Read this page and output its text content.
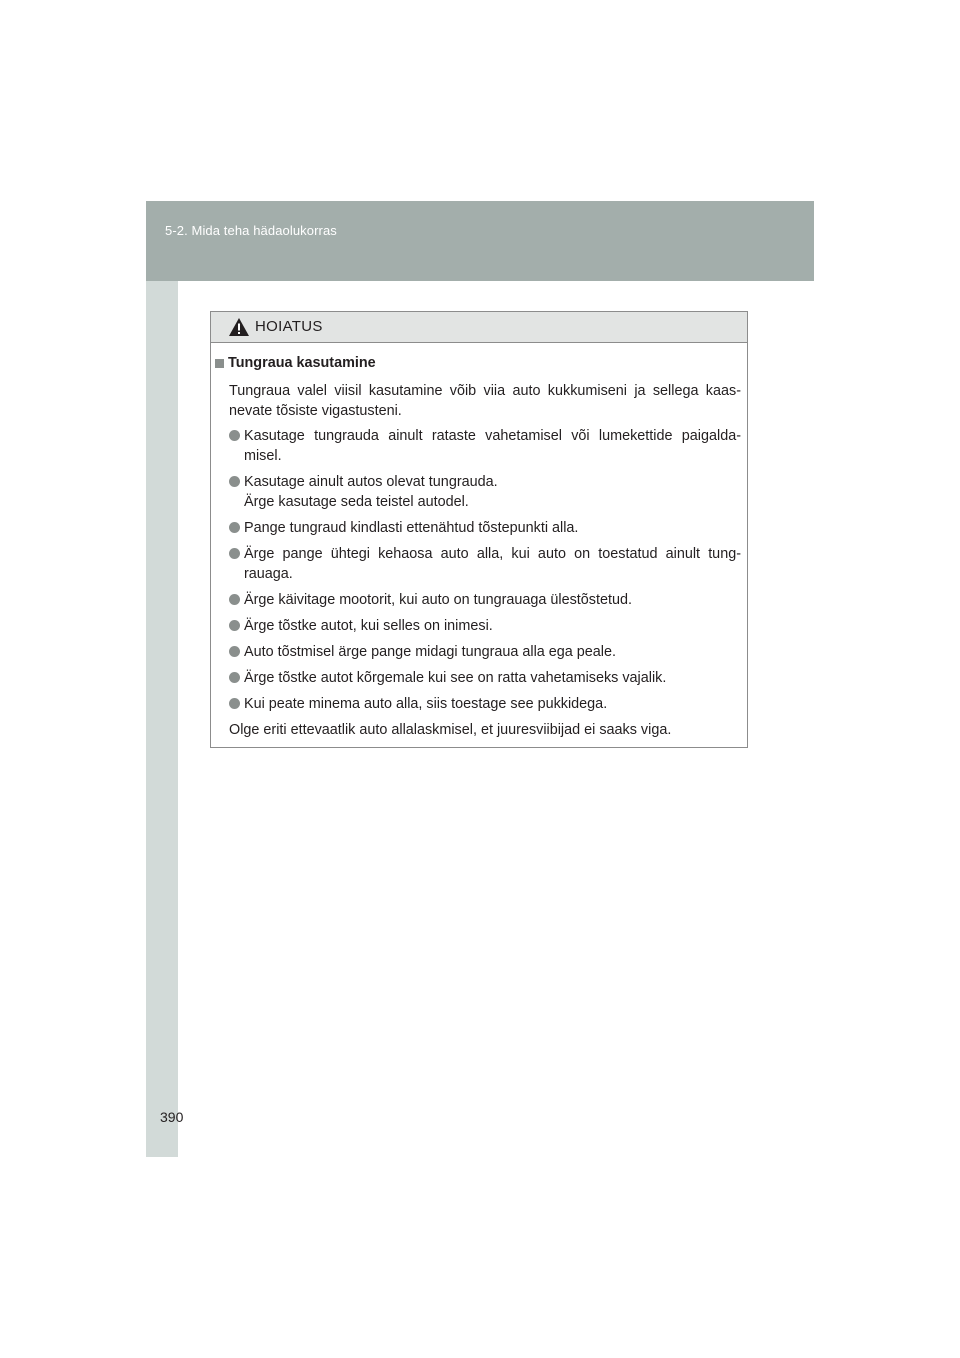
5-2. Mida teha hädaolukorras
390
HOIATUS
Tungraua kasutamine
Tungraua valel viisil kasutamine võib viia auto kukkumiseni ja sellega kaas-nevate tõsiste vigastusteni.
Kasutage tungrauda ainult rataste vahetamisel või lumekettide paigalda-misel.
Kasutage ainult autos olevat tungrauda.
Ärge kasutage seda teistel autodel.
Pange tungraud kindlasti ettenähtud tõstepunkti alla.
Ärge pange ühtegi kehaosa auto alla, kui auto on toestatud ainult tung-rauaga.
Ärge käivitage mootorit, kui auto on tungrauaga ülestõstetud.
Ärge tõstke autot, kui selles on inimesi.
Auto tõstmisel ärge pange midagi tungraua alla ega peale.
Ärge tõstke autot kõrgemale kui see on ratta vahetamiseks vajalik.
Kui peate minema auto alla, siis toestage see pukkidega.
Olge eriti ettevaatlik auto allalaskmisel, et juuresviibijad ei saaks viga.
